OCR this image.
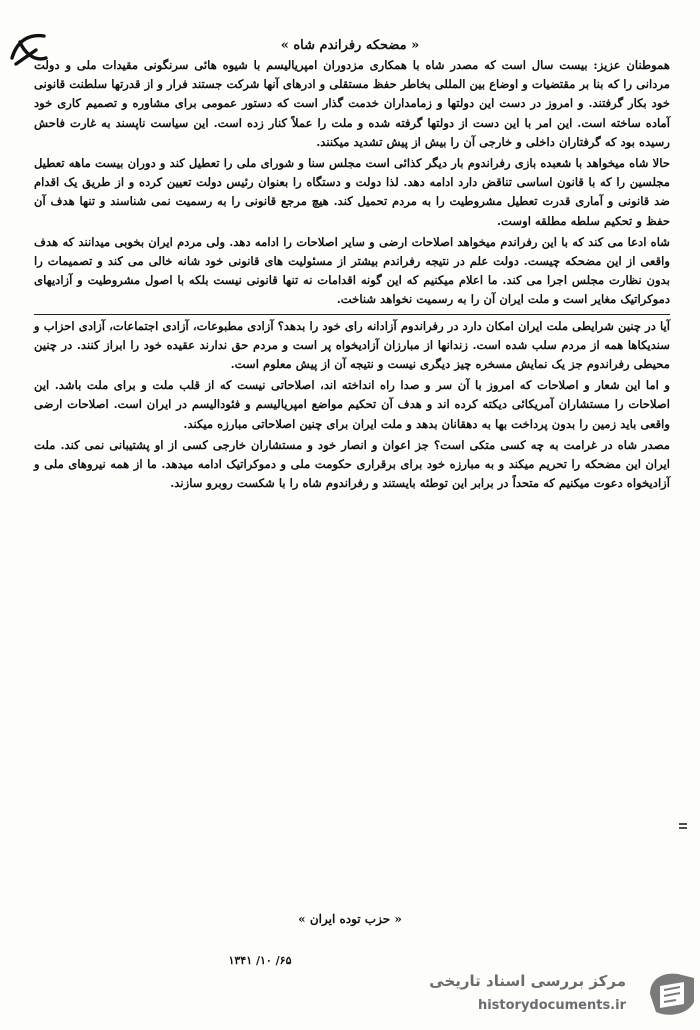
« مضحکه رفراندم شاه »

هموطنان عزیز: بیست سال است که مصدر شاه با همکاری مزدوران امپریالیسم با شیوه هائی سرنگونی مقیدات ملی و دولت مردانی را که بنا بر مقتضیات و اوضاع بین المللی بخاطر حفظ مستقلی و ادرهای آنها شرکت جستند فرار و از قدرتها سلطنت قانونی خود بکار گرفتند. و امروز در دست این دولتها و زمامداران خدمت گذار است که دستور عمومی برای مشاوره و تصمیم کاری خود آماده ساخته است. این امر با این دست از دولتها گرفته شده و ملت را عملاً کنار زده است. این سیاست ناپسند به غارت فاحش رسیده بود که گرفتاران داخلی و خارجی آن را بیش از پیش تشدید میکنند.

حالا شاه میخواهد با شعبده بازی رفراندوم بار دیگر کذائی است مجلس سنا و شورای ملی را تعطیل کند و دوران بیست ماهه تعطیل مجلسین را که با قانون اساسی تناقض دارد ادامه دهد. لذا دولت و دستگاه را بعنوان رئیس دولت تعیین کرده و از طریق یک اقدام ضد قانونی و آماری قدرت تعطیل مشروطیت را به مردم تحمیل کند. هیچ مرجع قانونی را به رسمیت نمی شناسند و تنها هدف آن حفظ و تحکیم سلطه مطلقه اوست.

شاه ادعا می کند که با این رفراندم میخواهد اصلاحات ارضی و سایر اصلاحات را ادامه دهد. ولی مردم ایران بخوبی میدانند که هدف واقعی از این مضحکه چیست. دولت علم در نتیجه رفراندم بیشتر از مسئولیت های قانونی خود شانه خالی می کند و تصمیمات را بدون نظارت مجلس اجرا می کند. ما اعلام میکنیم که این گونه اقدامات نه تنها قانونی نیست بلکه با اصول مشروطیت و آزادیهای دموکراتیک مغایر است و ملت ایران آن را به رسمیت نخواهد شناخت.

آیا در چنین شرایطی ملت ایران امکان دارد در رفراندوم آزادانه رای خود را بدهد؟ آزادی مطبوعات، آزادی اجتماعات، آزادی احزاب و سندیکاها همه از مردم سلب شده است. زندانها از مبارزان آزادیخواه پر است و مردم حق ندارند عقیده خود را ابراز کنند. در چنین محیطی رفراندوم جز یک نمایش مسخره چیز دیگری نیست و نتیجه آن از پیش معلوم است.

و اما این شعار و اصلاحات که امروز با آن سر و صدا راه انداخته اند، اصلاحاتی نیست که از قلب ملت و برای ملت باشد. این اصلاحات را مستشاران آمریکائی دیکته کرده اند و هدف آن تحکیم مواضع امپریالیسم و فئودالیسم در ایران است. اصلاحات ارضی واقعی باید زمین را بدون پرداخت بها به دهقانان بدهد و ملت ایران برای چنین اصلاحاتی مبارزه میکند.

مصدر شاه در غرامت به چه کسی متکی است؟ جز اعوان و انصار خود و مستشاران خارجی کسی از او پشتیبانی نمی کند. ملت ایران این مضحکه را تحریم میکند و به مبارزه خود برای برقراری حکومت ملی و دموکراتیک ادامه میدهد. ما از همه نیروهای ملی و آزادیخواه دعوت میکنیم که متحداً در برابر این توطئه بایستند و رفراندوم شاه را با شکست روبرو سازند.

« حزب توده ایران »
۶۵/ ۱۰/ ۱۳۴۱
مرکز بررسی اسناد تاریخی
historydocuments.ir
